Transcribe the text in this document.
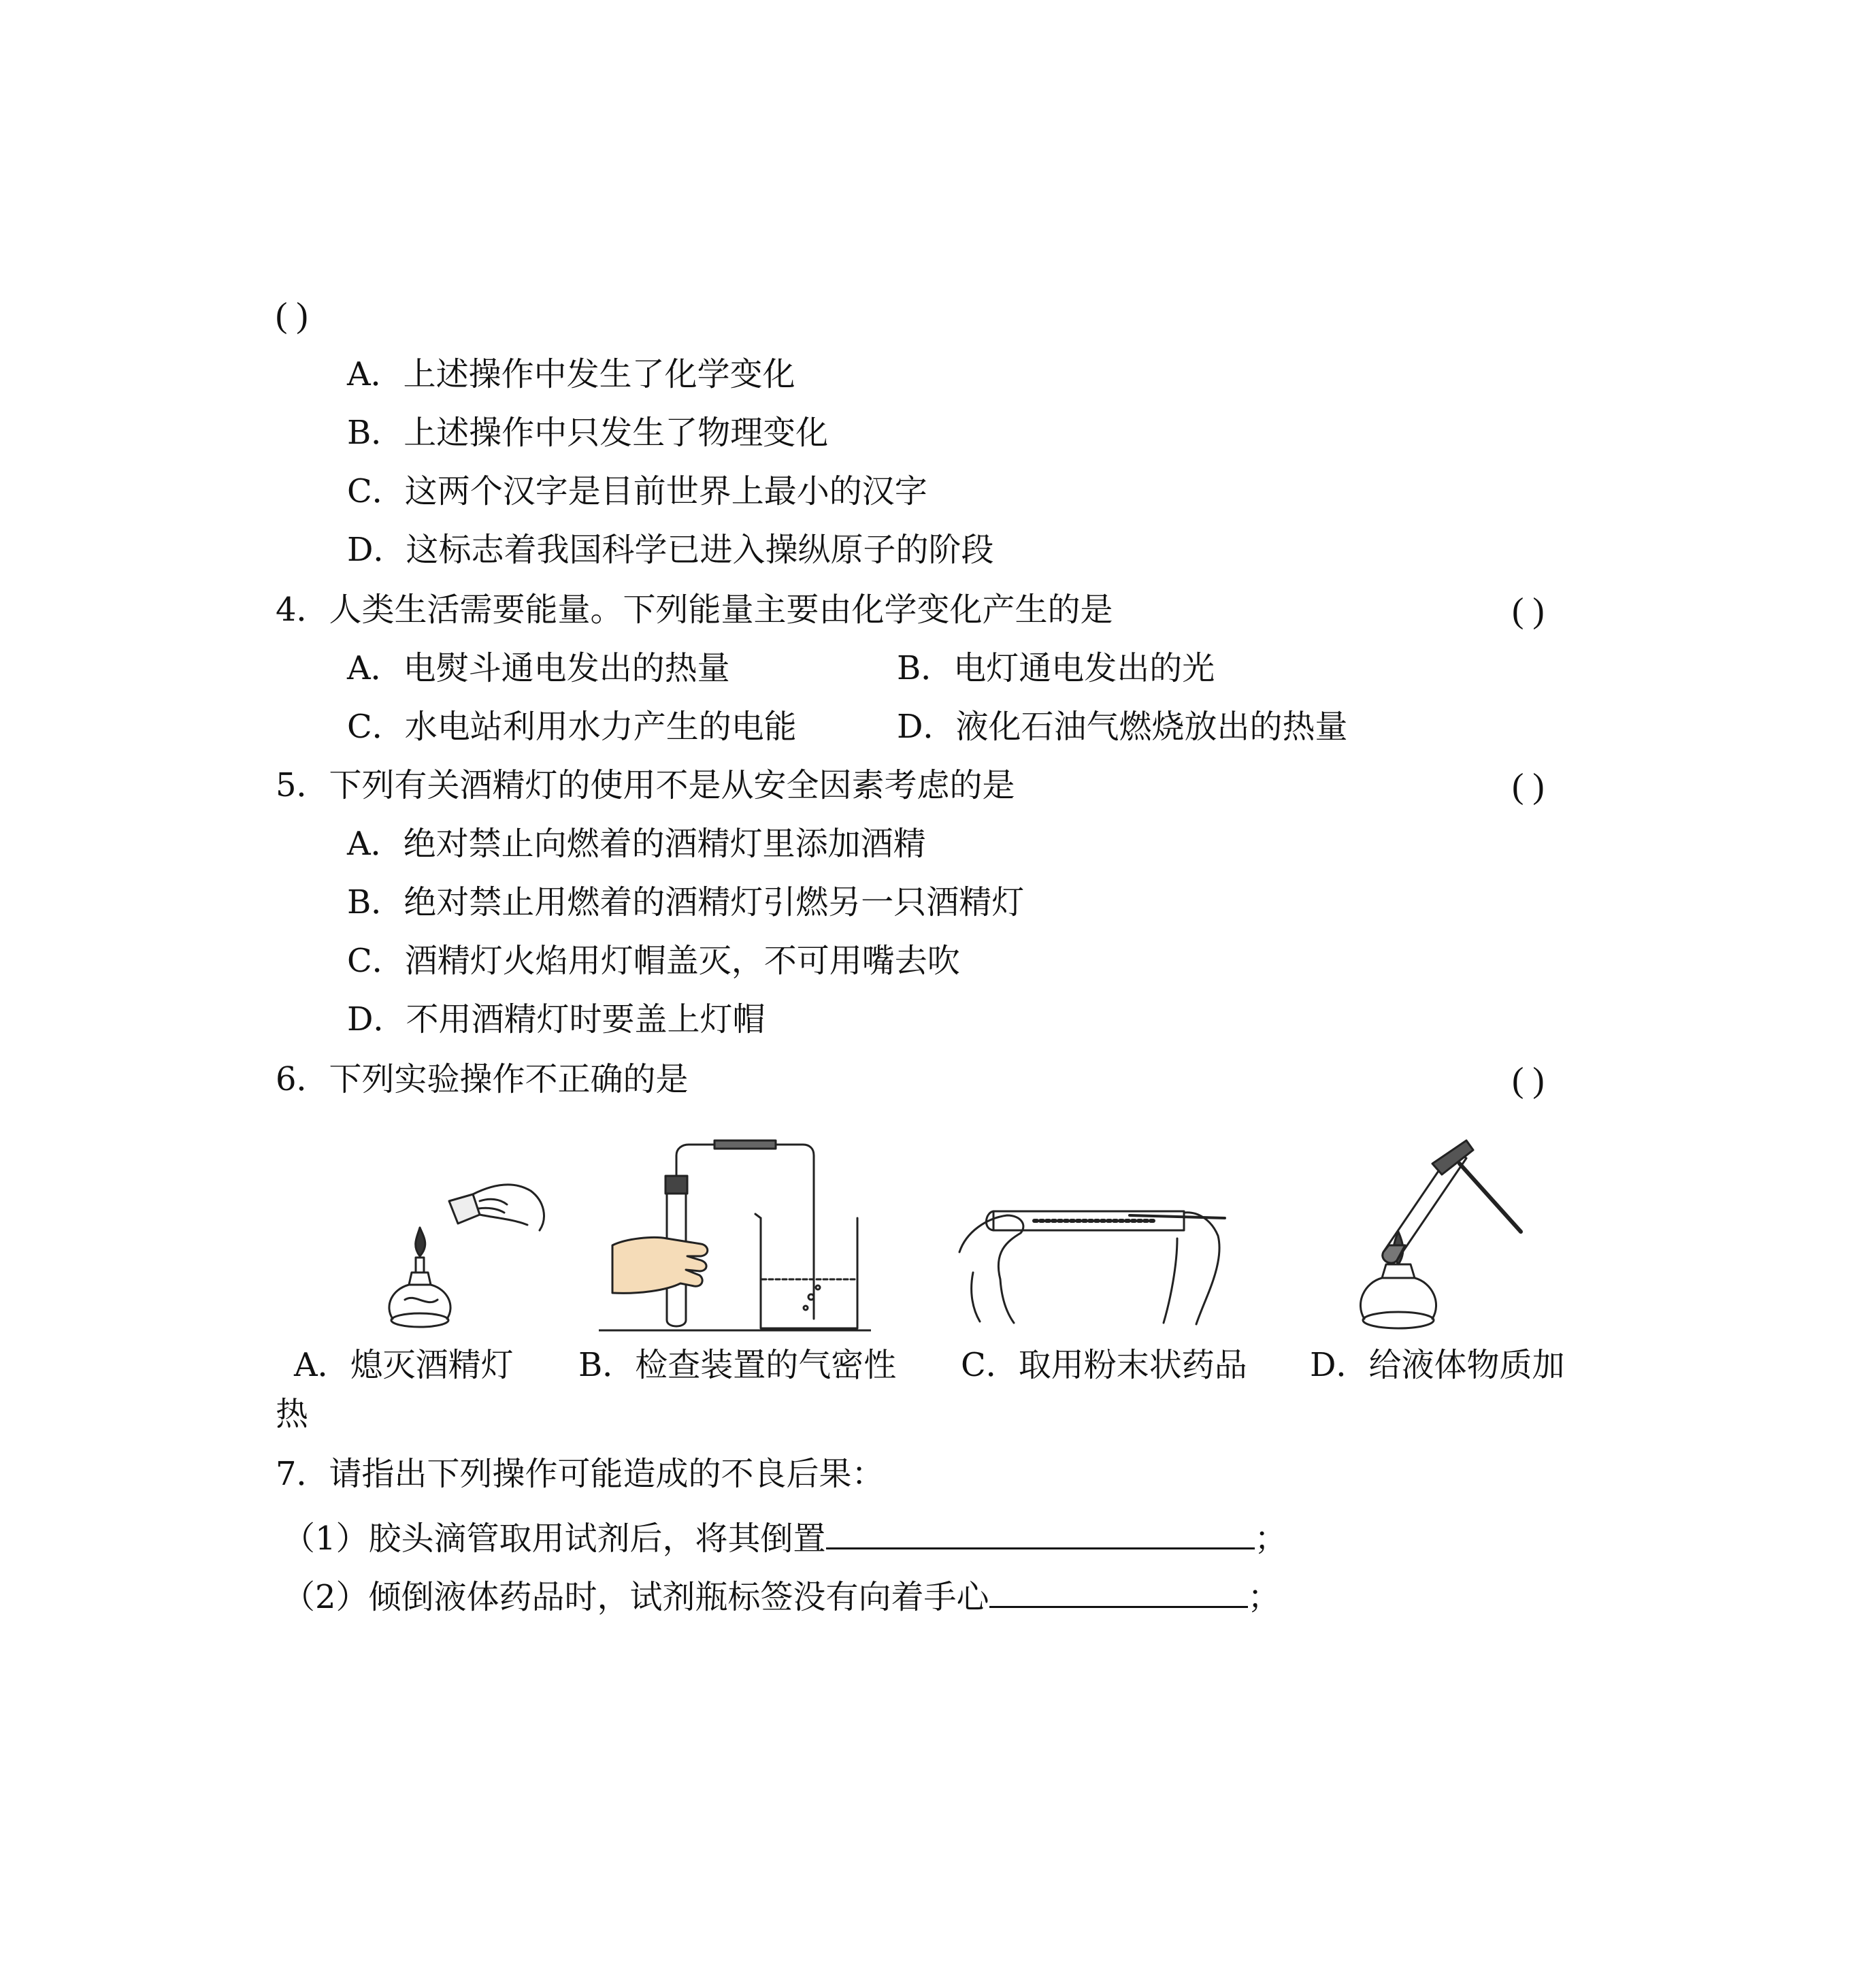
( )
A．上述操作中发生了化学变化
B．上述操作中只发生了物理变化
C．这两个汉字是目前世界上最小的汉字
D．这标志着我国科学已进入操纵原子的阶段
4．人类生活需要能量。下列能量主要由化学变化产生的是	( )
A．电熨斗通电发出的热量	B．电灯通电发出的光
C．水电站利用水力产生的电能	D．液化石油气燃烧放出的热量
5．下列有关酒精灯的使用不是从安全因素考虑的是	( )
A．绝对禁止向燃着的酒精灯里添加酒精
B．绝对禁止用燃着的酒精灯引燃另一只酒精灯
C．酒精灯火焰用灯帽盖灭，不可用嘴去吹
D．不用酒精灯时要盖上灯帽
6．下列实验操作不正确的是	( )
A．熄灭酒精灯 B．检查装置的气密性 C．取用粉末状药品 D．给液体物质加
热
7．请指出下列操作可能造成的不良后果：
（1）胶头滴管取用试剂后，将其倒置	；
（2）倾倒液体药品时，试剂瓶标签没有向着手心	；
